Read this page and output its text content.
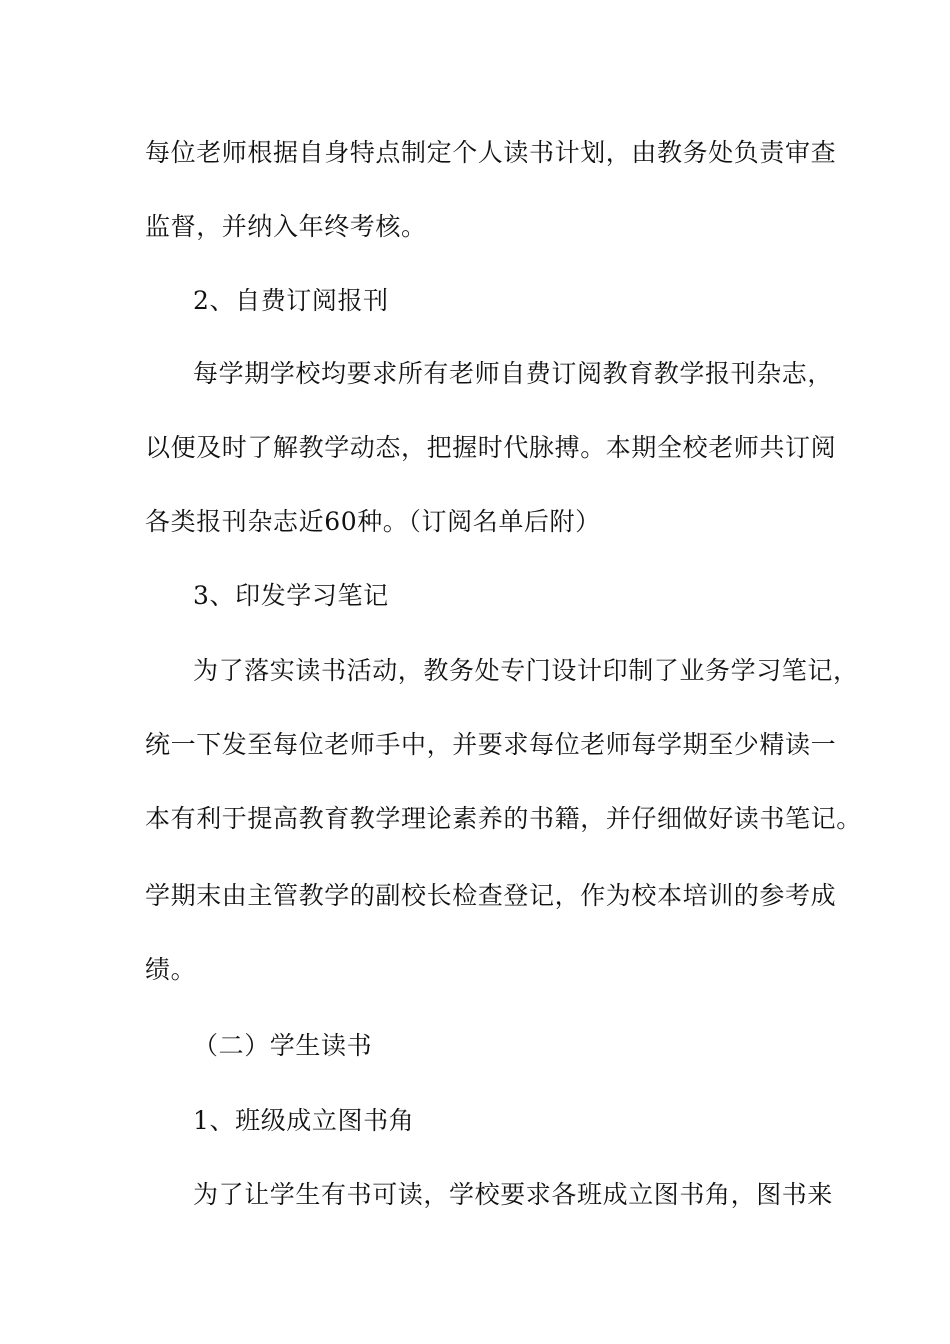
每位老师根据自身特点制定个人读书计划，由教务处负责审查

监督，并纳入年终考核。

2、自费订阅报刊

每学期学校均要求所有老师自费订阅教育教学报刊杂志，

以便及时了解教学动态，把握时代脉搏。本期全校老师共订阅

各类报刊杂志近60种。（订阅名单后附）

3、印发学习笔记

为了落实读书活动，教务处专门设计印制了业务学习笔记，

统一下发至每位老师手中，并要求每位老师每学期至少精读一

本有利于提高教育教学理论素养的书籍，并仔细做好读书笔记。

学期末由主管教学的副校长检查登记，作为校本培训的参考成

绩。

（二）学生读书

1、班级成立图书角

为了让学生有书可读，学校要求各班成立图书角，图书来
